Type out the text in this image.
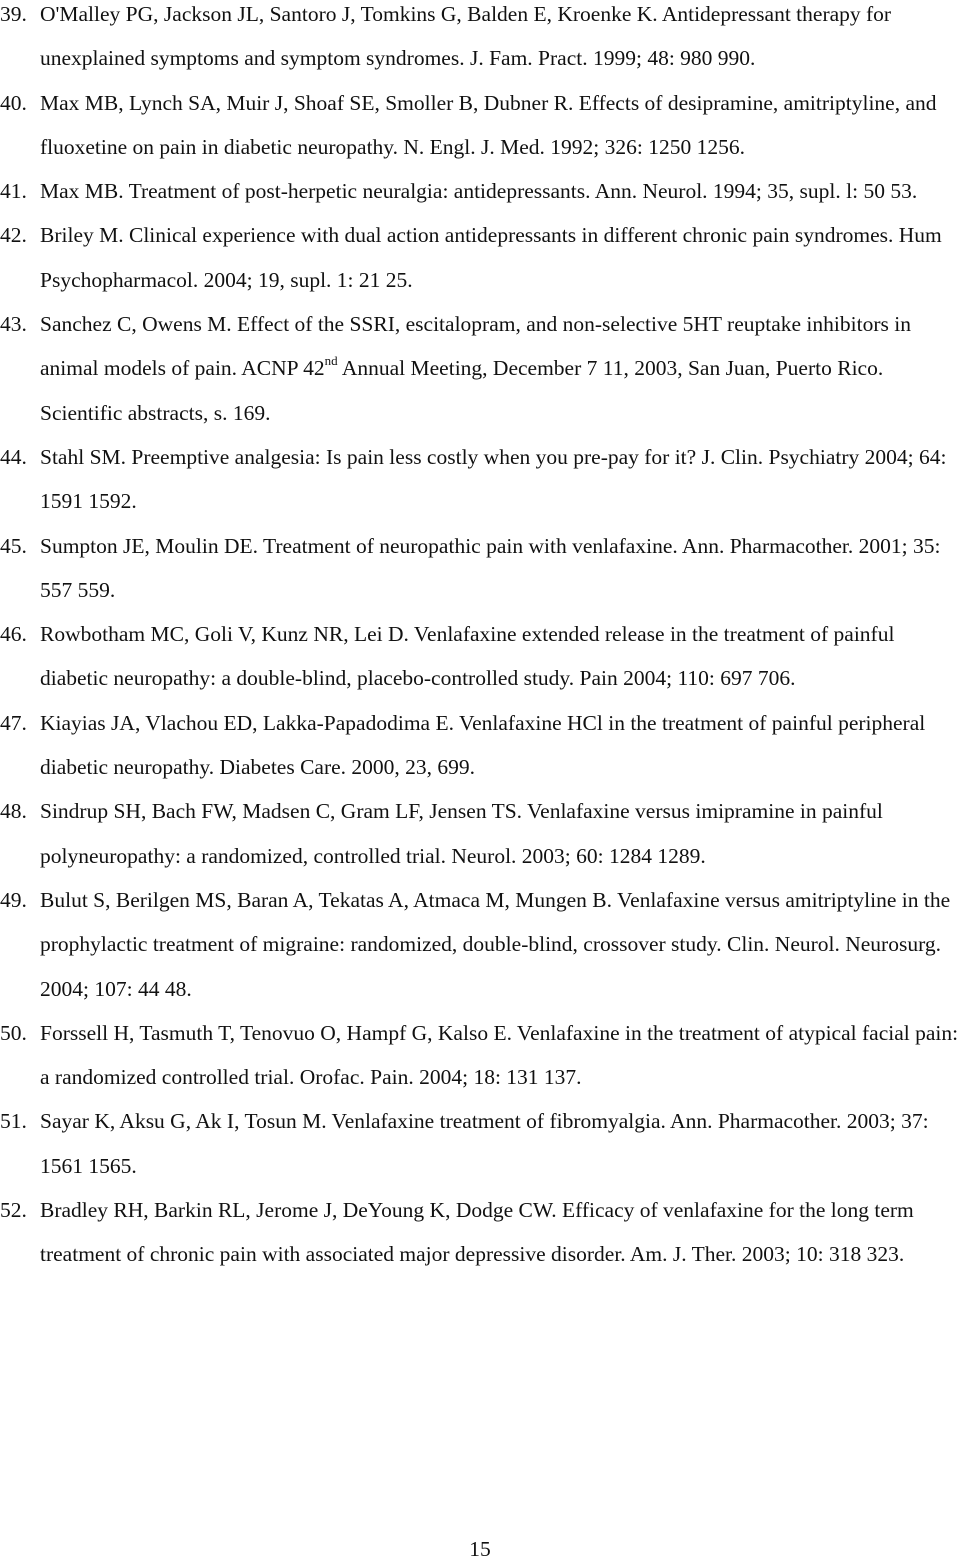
39. O'Malley PG, Jackson JL, Santoro J, Tomkins G, Balden E, Kroenke K. Antidepressant therapy for unexplained symptoms and symptom syndromes. J. Fam. Pract. 1999; 48: 980 990.
40. Max MB, Lynch SA, Muir J, Shoaf SE, Smoller B, Dubner R. Effects of desipramine, amitriptyline, and fluoxetine on pain in diabetic neuropathy. N. Engl. J. Med. 1992; 326: 1250 1256.
41. Max MB. Treatment of post-herpetic neuralgia: antidepressants. Ann. Neurol. 1994; 35, supl. l: 50 53.
42. Briley M. Clinical experience with dual action antidepressants in different chronic pain syndromes. Hum Psychopharmacol. 2004; 19, supl. 1: 21 25.
43. Sanchez C, Owens M. Effect of the SSRI, escitalopram, and non-selective 5HT reuptake inhibitors in animal models of pain. ACNP 42nd Annual Meeting, December 7 11, 2003, San Juan, Puerto Rico. Scientific abstracts, s. 169.
44. Stahl SM. Preemptive analgesia: Is pain less costly when you pre-pay for it? J. Clin. Psychiatry 2004; 64: 1591 1592.
45. Sumpton JE, Moulin DE. Treatment of neuropathic pain with venlafaxine. Ann. Pharmacother. 2001; 35: 557 559.
46. Rowbotham MC, Goli V, Kunz NR, Lei D. Venlafaxine extended release in the treatment of painful diabetic neuropathy: a double-blind, placebo-controlled study. Pain 2004; 110: 697 706.
47. Kiayias JA, Vlachou ED, Lakka-Papadodima E. Venlafaxine HCl in the treatment of painful peripheral diabetic neuropathy. Diabetes Care. 2000, 23, 699.
48. Sindrup SH, Bach FW, Madsen C, Gram LF, Jensen TS. Venlafaxine versus imipramine in painful polyneuropathy: a randomized, controlled trial. Neurol. 2003; 60: 1284 1289.
49. Bulut S, Berilgen MS, Baran A, Tekatas A, Atmaca M, Mungen B. Venlafaxine versus amitriptyline in the prophylactic treatment of migraine: randomized, double-blind, crossover study. Clin. Neurol. Neurosurg. 2004; 107: 44 48.
50. Forssell H, Tasmuth T, Tenovuo O, Hampf G, Kalso E. Venlafaxine in the treatment of atypical facial pain: a randomized controlled trial. Orofac. Pain. 2004; 18: 131 137.
51. Sayar K, Aksu G, Ak I, Tosun M. Venlafaxine treatment of fibromyalgia. Ann. Pharmacother. 2003; 37: 1561 1565.
52. Bradley RH, Barkin RL, Jerome J, DeYoung K, Dodge CW. Efficacy of venlafaxine for the long term treatment of chronic pain with associated major depressive disorder. Am. J. Ther. 2003; 10: 318 323.
15
